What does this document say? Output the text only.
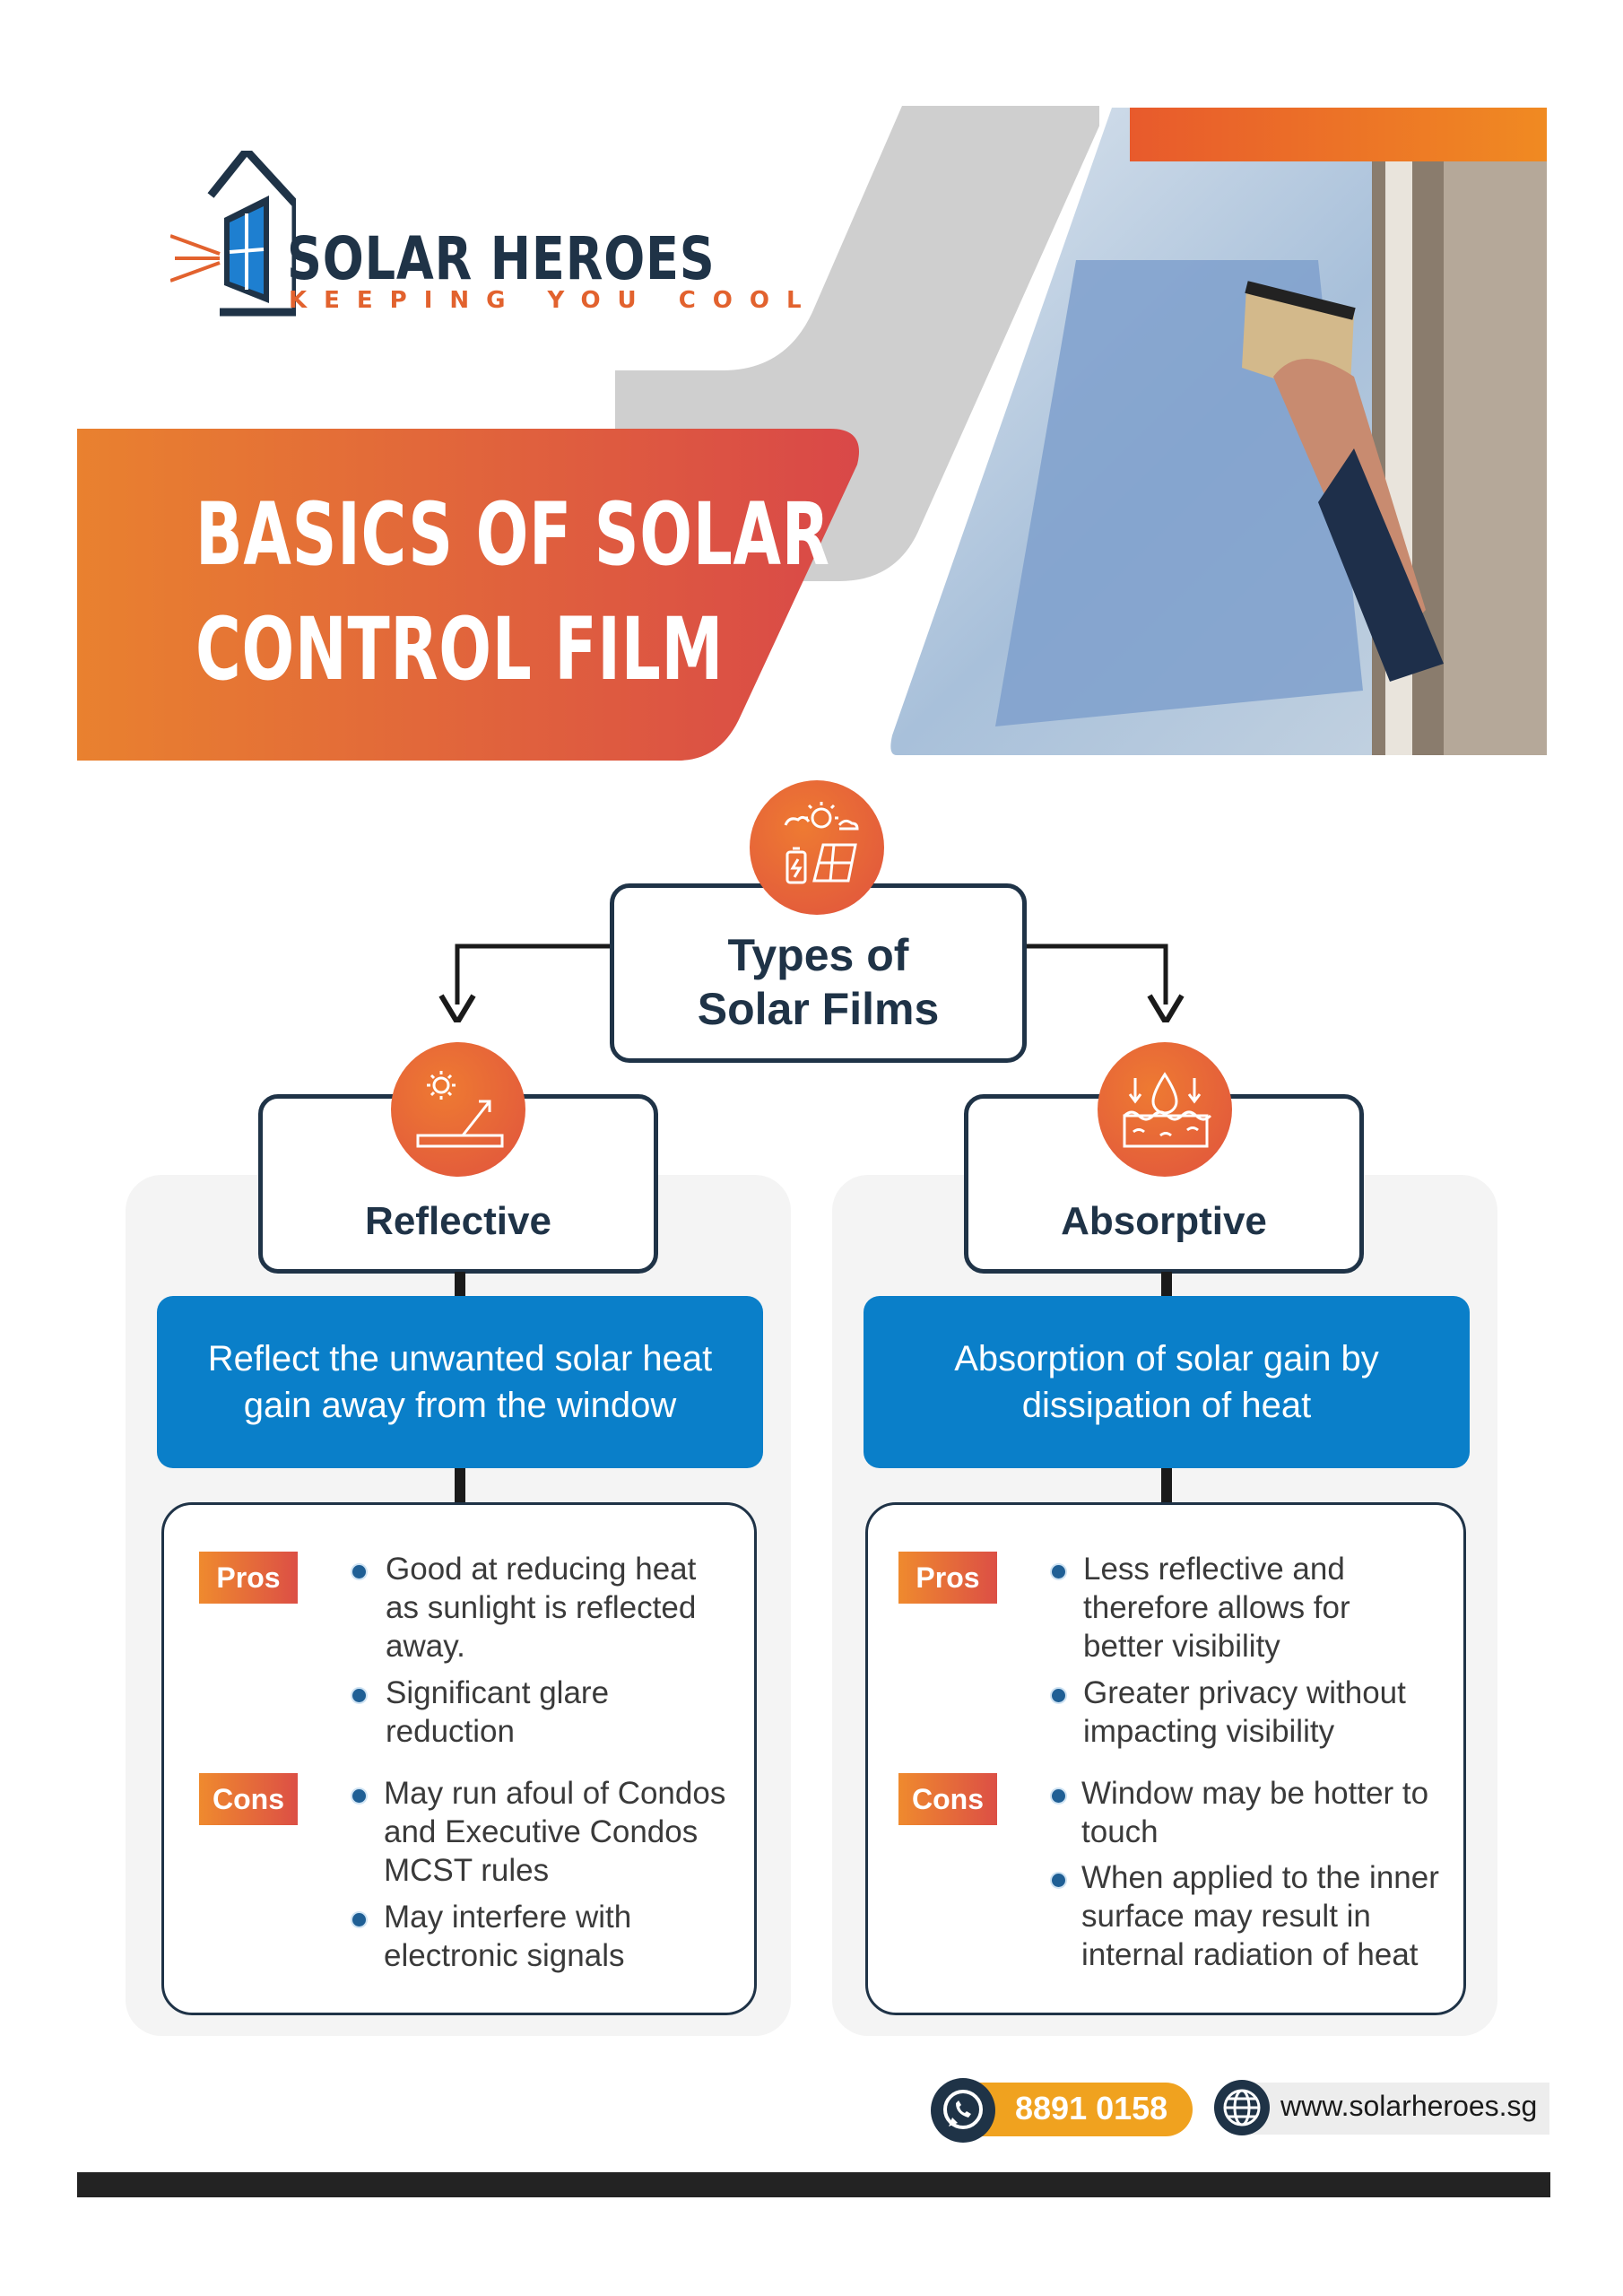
BASICS OF SOLAR
CONTROL FILM
SOLAR HEROES
KEEPING YOU COOL
Types of
Solar Films
Reflective	Absorptive
Reflect the unwanted solar heat
gain away from the window
Absorption of solar gain by
dissipation of heat
Pros
Cons
Good at reducing heat
as sunlight is reflected
away.
Significant glare
reduction
May run afoul of Condos
and Executive Condos
MCST rules
May interfere with
electronic signals
Pros
Cons
Less reflective and
therefore allows for
better visibility
Greater privacy without
impacting visibility
Window may be hotter to
touch
When applied to the inner
surface may result in
internal radiation of heat
8891 0158	www.solarheroes.sg
